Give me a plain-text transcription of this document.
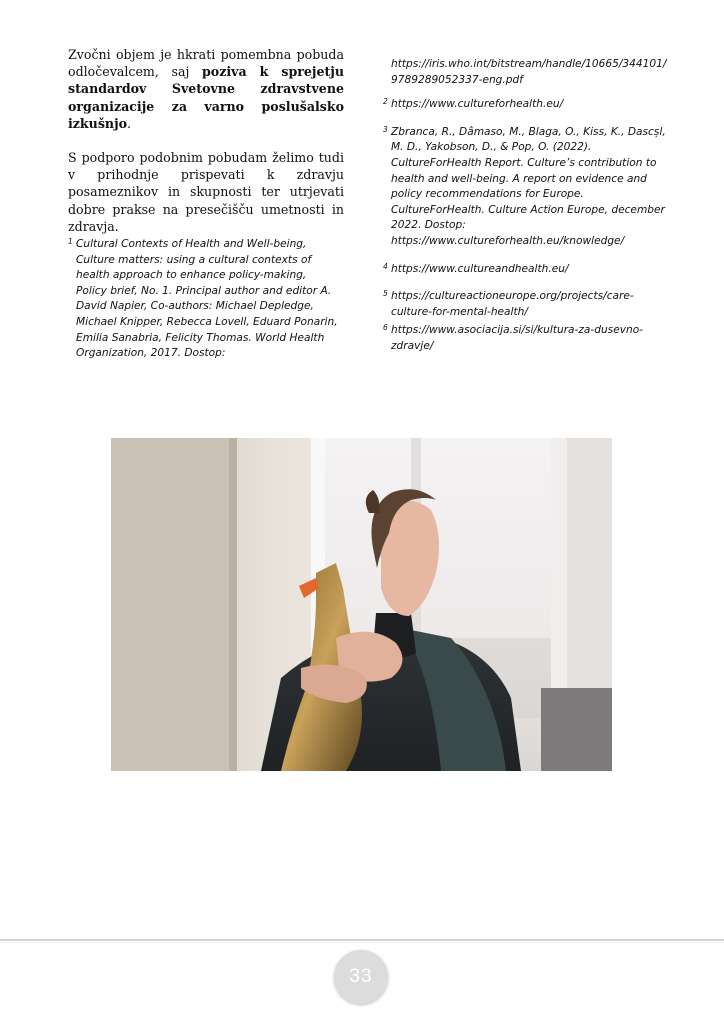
Zvočni objem je hkrati pomembna pobuda odločevalcem, saj poziva k sprejetju standardov Svetovne zdravstvene organizacije za varno poslušalsko izkušnjo.

S podporo podobnim pobudam želimo tudi v prihodnje prispevati k zdravju posameznikov in skupnosti ter utrjevati dobre prakse na presečišču umetnosti in zdravja.

1 Cultural Contexts of Health and Well-being, Culture matters: using a cultural contexts of health approach to enhance policy-making, Policy brief, No. 1. Principal author and editor A. David Napier, Co-authors: Michael Depledge, Michael Knipper, Rebecca Lovell, Eduard Ponarin, Emilia Sanabria, Felicity Thomas. World Health Organization, 2017. Dostop:
https://iris.who.int/bitstream/handle/10665/344101/9789289052337-eng.pdf
2 https://www.cultureforhealth.eu/
3 Zbranca, R., Dâmaso, M., Blaga, O., Kiss, K., Dascșl, M. D., Yakobson, D., & Pop, O. (2022). CultureForHealth Report. Culture’s contribution to health and well-being. A report on evidence and policy recommendations for Europe. CultureForHealth. Culture Action Europe, december 2022. Dostop: https://www.cultureforhealth.eu/knowledge/
4 https://www.cultureandhealth.eu/
5 https://cultureactioneurope.org/projects/care-culture-for-mental-health/
6 https://www.asociacija.si/si/kultura-za-dusevno-zdravje/
33
